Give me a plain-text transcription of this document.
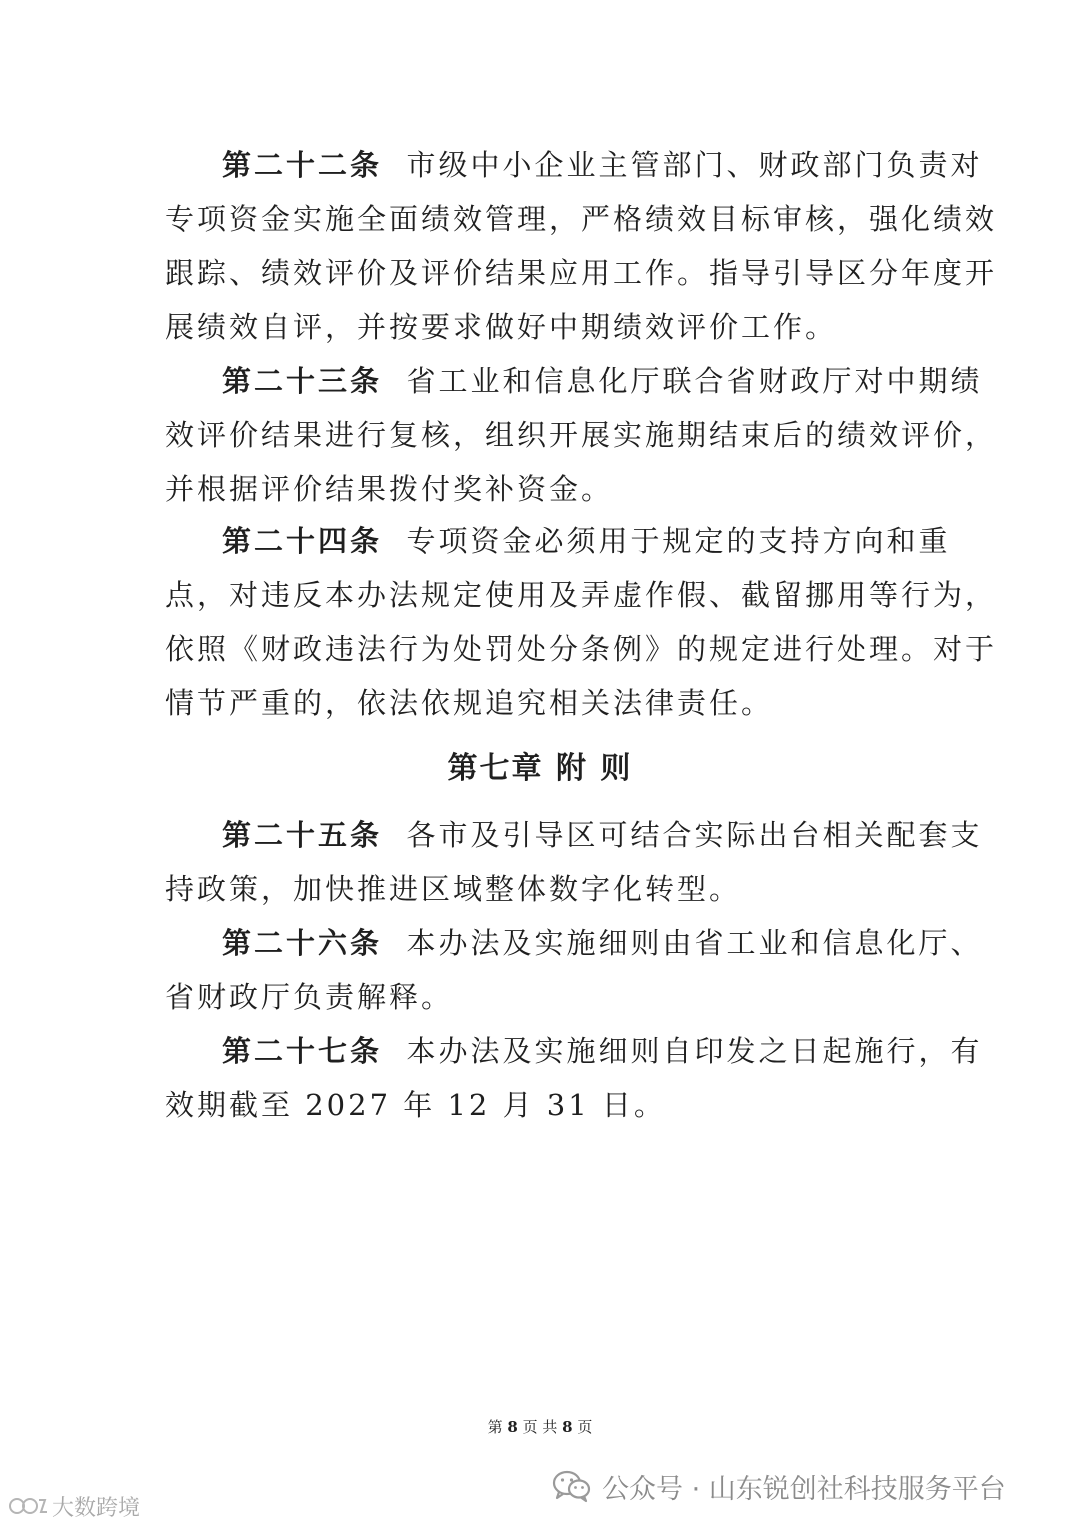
第二十二条 市级中小企业主管部门、财政部门负责对
专项资金实施全面绩效管理，严格绩效目标审核，强化绩效
跟踪、绩效评价及评价结果应用工作。指导引导区分年度开
展绩效自评，并按要求做好中期绩效评价工作。
第二十三条 省工业和信息化厅联合省财政厅对中期绩
效评价结果进行复核，组织开展实施期结束后的绩效评价，
并根据评价结果拨付奖补资金。
第二十四条 专项资金必须用于规定的支持方向和重
点，对违反本办法规定使用及弄虚作假、截留挪用等行为，
依照《财政违法行为处罚处分条例》的规定进行处理。对于
情节严重的，依法依规追究相关法律责任。
第七章 附 则
第二十五条 各市及引导区可结合实际出台相关配套支
持政策，加快推进区域整体数字化转型。
第二十六条 本办法及实施细则由省工业和信息化厅、
省财政厅负责解释。
第二十七条 本办法及实施细则自印发之日起施行，有
效期截至 2027 年 12 月 31 日。
第 8 页 共 8 页
公众号 · 山东锐创社科技服务平台
大数跨境
